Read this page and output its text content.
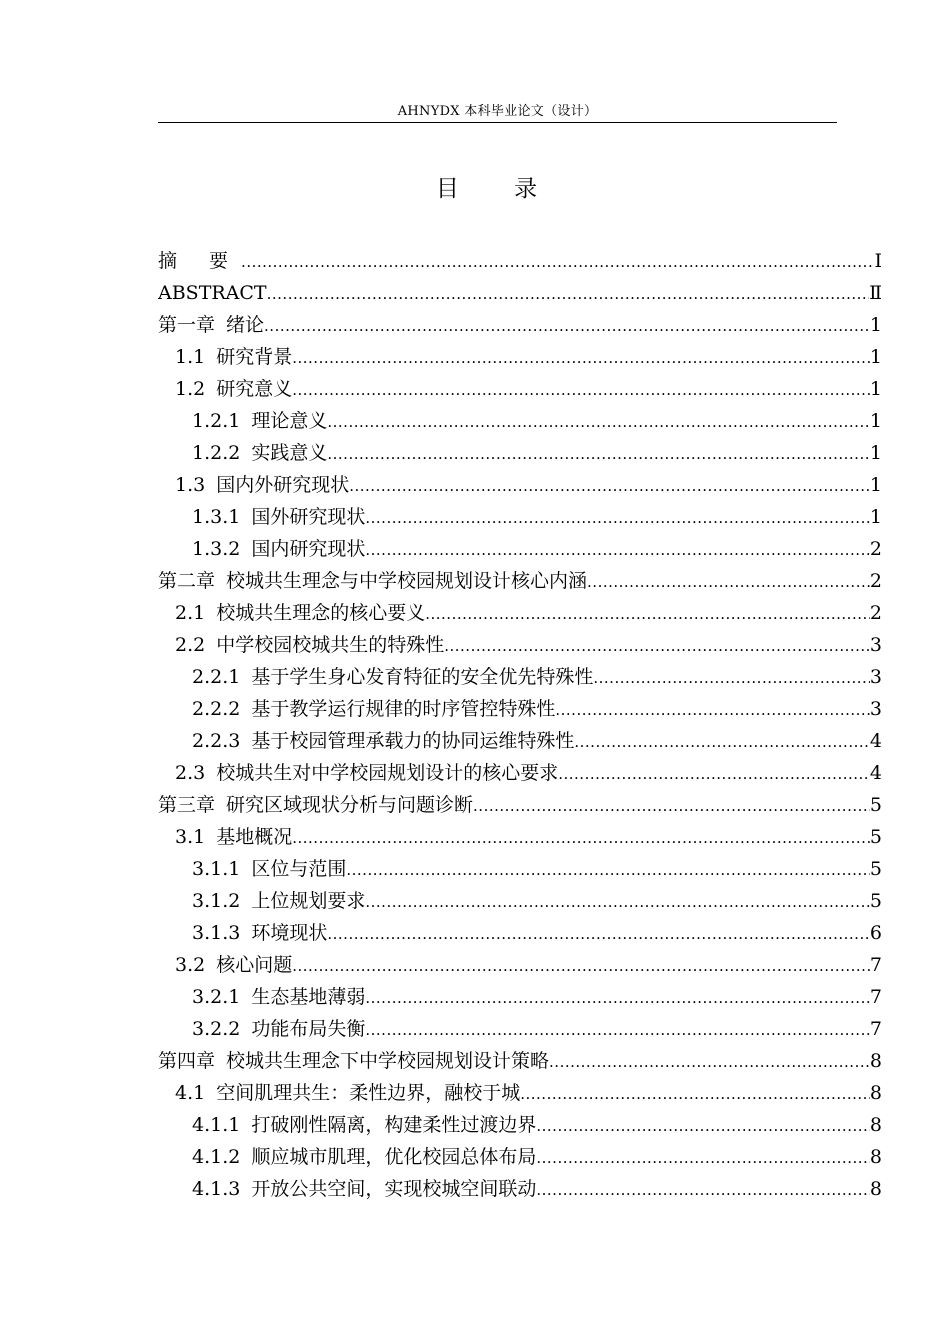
AHNYDX 本科毕业论文（设计）
目 录
摘 要 .....	Ⅰ
ABSTRACT .....	Ⅱ
第一章 绪论 .....	1
1.1 研究背景 .....	1
1.2 研究意义 .....	1
1.2.1 理论意义 .....	1
1.2.2 实践意义 .....	1
1.3 国内外研究现状 .....	1
1.3.1 国外研究现状 .....	1
1.3.2 国内研究现状 .....	2
第二章 校城共生理念与中学校园规划设计核心内涵 .....	2
2.1 校城共生理念的核心要义 .....	2
2.2 中学校园校城共生的特殊性 .....	3
2.2.1 基于学生身心发育特征的安全优先特殊性 .....	3
2.2.2 基于教学运行规律的时序管控特殊性 .....	3
2.2.3 基于校园管理承载力的协同运维特殊性 .....	4
2.3 校城共生对中学校园规划设计的核心要求 .....	4
第三章 研究区域现状分析与问题诊断 .....	5
3.1 基地概况 .....	5
3.1.1 区位与范围 .....	5
3.1.2 上位规划要求 .....	5
3.1.3 环境现状 .....	6
3.2 核心问题 .....	7
3.2.1 生态基地薄弱 .....	7
3.2.2 功能布局失衡 .....	7
第四章 校城共生理念下中学校园规划设计策略 .....	8
4.1 空间肌理共生：柔性边界，融校于城 .....	8
4.1.1 打破刚性隔离，构建柔性过渡边界 .....	8
4.1.2 顺应城市肌理，优化校园总体布局 .....	8
4.1.3 开放公共空间，实现校城空间联动 .....	8
